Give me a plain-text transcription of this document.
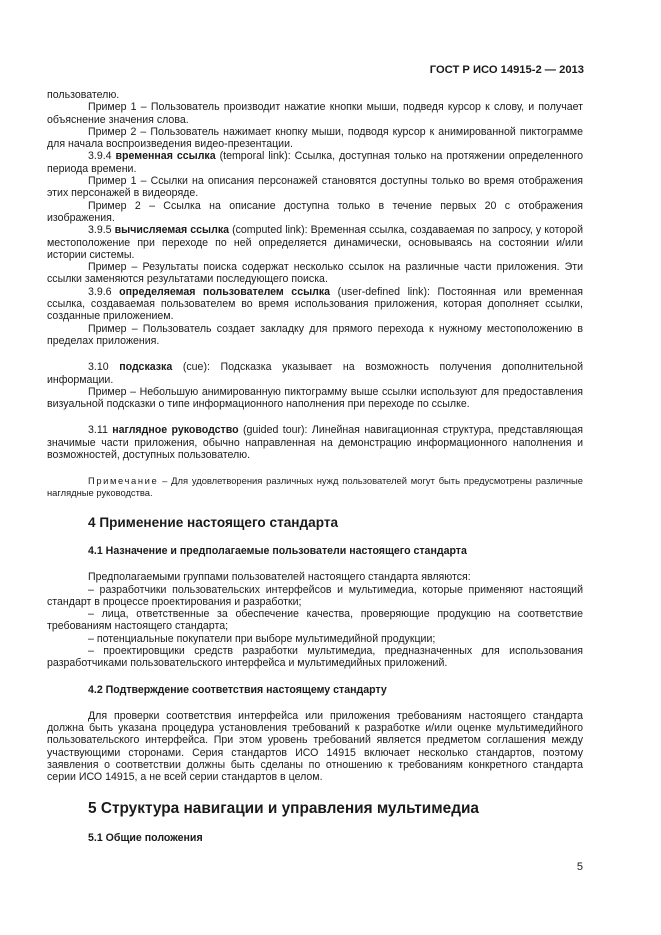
ГОСТ Р ИСО 14915-2 — 2013

пользователю.

Пример 1 – Пользователь производит нажатие кнопки мыши, подведя курсор к слову, и получает объяснение значения слова.

Пример 2 – Пользователь нажимает кнопку мыши, подводя курсор к анимированной пиктограмме для начала воспроизведения видео-презентации.

3.9.4 временная ссылка (temporal link): Ссылка, доступная только на протяжении определенного периода времени.

Пример 1 – Ссылки на описания персонажей становятся доступны только во время отображения этих персонажей в видеоряде.

Пример 2 – Ссылка на описание доступна только в течение первых 20 с отображения изображения.

3.9.5 вычисляемая ссылка (computed link): Временная ссылка, создаваемая по запросу, у которой местоположение при переходе по ней определяется динамически, основываясь на состоянии и/или истории системы.

Пример – Результаты поиска содержат несколько ссылок на различные части приложения. Эти ссылки заменяются результатами последующего поиска.

3.9.6 определяемая пользователем ссылка (user-defined link): Постоянная или временная ссылка, создаваемая пользователем во время использования приложения, которая дополняет ссылки, созданные приложением.

Пример – Пользователь создает закладку для прямого перехода к нужному местоположению в пределах приложения.

3.10 подсказка (cue): Подсказка указывает на возможность получения дополнительной информации.

Пример – Небольшую анимированную пиктограмму выше ссылки используют для предоставления визуальной подсказки о типе информационного наполнения при переходе по ссылке.

3.11 наглядное руководство (guided tour): Линейная навигационная структура, представляющая значимые части приложения, обычно направленная на демонстрацию информационного наполнения и возможностей, доступных пользователю.

Примечание – Для удовлетворения различных нужд пользователей могут быть предусмотрены различные наглядные руководства.

4 Применение настоящего стандарта
4.1 Назначение и предполагаемые пользователи настоящего стандарта

Предполагаемыми группами пользователей настоящего стандарта являются:

– разработчики пользовательских интерфейсов и мультимедиа, которые применяют настоящий стандарт в процессе проектирования и разработки;

– лица, ответственные за обеспечение качества, проверяющие продукцию на соответствие требованиям настоящего стандарта;

– потенциальные покупатели при выборе мультимедийной продукции;

– проектировщики средств разработки мультимедиа, предназначенных для использования разработчиками пользовательского интерфейса и мультимедийных приложений.

4.2 Подтверждение соответствия настоящему стандарту

Для проверки соответствия интерфейса или приложения требованиям настоящего стандарта должна быть указана процедура установления требований к разработке и/или оценке мультимедийного пользовательского интерфейса. При этом уровень требований является предметом соглашения между участвующими сторонами. Серия стандартов ИСО 14915 включает несколько стандартов, поэтому заявления о соответствии должны быть сделаны по отношению к требованиям конкретного стандарта серии ИСО 14915, а не всей серии стандартов в целом.

5 Структура навигации и управления мультимедиа
5.1 Общие положения
5
